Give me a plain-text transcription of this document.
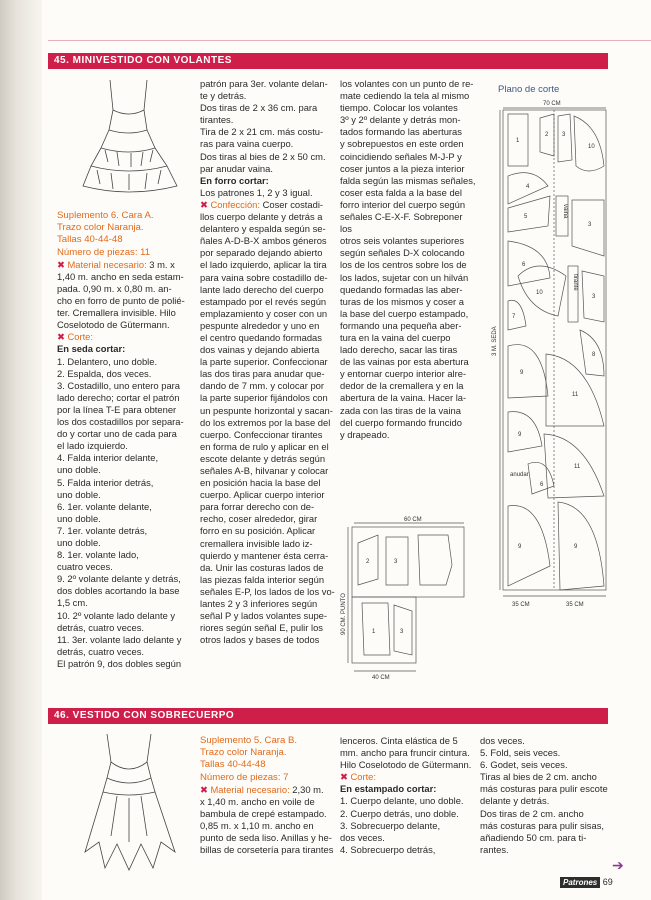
45. MINIVESTIDO CON VOLANTES

Suplemento 6. Cara A.

Trazo color Naranja.

Tallas 40-44-48

Número de piezas: 11

✖ Material necesario: 3 m. x

1,40 m. ancho en seda estam-

pada. 0,90 m. x 0,80 m. an-

cho en forro de punto de polié-

ter. Cremallera invisible. Hilo

Coselotodo de Gütermann.

✖ Corte:

En seda cortar:

1. Delantero, uno doble.

2. Espalda, dos veces.

3. Costadillo, uno entero para

lado derecho; cortar el patrón

por la línea T-E para obtener

los dos costadillos por separa-

do y cortar uno de cada para

el lado izquierdo.

4. Falda interior delante,

uno doble.

5. Falda interior detrás,

uno doble.

6. 1er. volante delante,

uno doble.

7. 1er. volante detrás,

uno doble.

8. 1er. volante lado,

cuatro veces.

9. 2º volante delante y detrás,

dos dobles acortando la base

1,5 cm.

10. 2º volante lado delante y

detrás, cuatro veces.

11. 3er. volante lado delante y

detrás, cuatro veces.

El patrón 9, dos dobles según

patrón para 3er. volante delan-

te y detrás.

Dos tiras de 2 x 36 cm. para

tirantes.

Tira de 2 x 21 cm. más costu-

ras para vaina cuerpo.

Dos tiras al bies de 2 x 50 cm.

par anudar vaina.

En forro cortar:

Los patrones 1, 2 y 3 igual.

✖ Confección: Coser costadi-

llos cuerpo delante y detrás a

delantero y espalda según se-

ñales A-D-B-X ambos géneros

por separado dejando abierto

el lado izquierdo, aplicar la tira

para vaina sobre costadillo de-

lante lado derecho del cuerpo

estampado por el revés según

emplazamiento y coser con un

pespunte alrededor y uno en

el centro quedando formadas

dos vainas y dejando abierta

la parte superior. Confeccionar

las dos tiras para anudar que-

dando de 7 mm. y colocar por

la parte superior fijándolos con

un pespunte horizontal y sacan-

do los extremos por la base del

cuerpo. Confeccionar tirantes

en forma de rulo y aplicar en el

escote delante y detrás según

señales A-B, hilvanar y colocar

en posición hacia la base del

cuerpo. Aplicar cuerpo interior

para forrar derecho con de-

recho, coser alrededor, girar

forro en su posición. Aplicar

cremallera invisible lado iz-

quierdo y mantener ésta cerra-

da. Unir las costuras lados de

las piezas falda interior según

señales E-P, los lados de los vo-

lantes 2 y 3 inferiores según

señal P y lados volantes supe-

riores según señal E, pulir los

otros lados y bases de todos

los volantes con un punto de re-

mate cediendo la tela al mismo

tiempo. Colocar los volantes

3º y 2º delante y detrás mon-

tados formando las aberturas

y sobrepuestos en este orden

coincidiendo señales M-J-P y

coser juntos a la pieza interior

falda según las mismas señales,

coser esta falda a la base del

forro interior del cuerpo según

señales C-E-X-F. Sobreponer los

otros seis volantes superiores

según señales D-X colocando

los de los centros sobre los de

los lados, sujetar con un hilván

quedando formadas las aber-

turas de los mismos y coser a

la base del cuerpo estampado,

formando una pequeña aber-

tura en la vaina del cuerpo

lado derecho, sacar las tiras

de las vainas por esta abertura

y entornar cuerpo interior alre-

dedor de la cremallera y en la

abertura de la vaina. Hacer la-

zada con las tiras de la vaina

del cuerpo formando fruncido

y drapeado.

Plano de corte
70 CM
3 M. SEDA
35 CM	35 CM
vaina
tirante
anudar
1
2 3
10
4
5
3
6
10
3
7
8
9
11
9
11
6
9	9
60 CM
90 CM. PUNTO
40 CM
2	3
1	3
46. VESTIDO CON SOBRECUERPO

Suplemento 5. Cara B.

Trazo color Naranja.

Tallas 40-44-48

Número de piezas: 7

✖ Material necesario: 2,30 m.

x 1,40 m. ancho en voile de

bambula de crepé estampado.

0,85 m. x 1,10 m. ancho en

punto de seda liso. Anillas y he-

billas de corsetería para tirantes

lenceros. Cinta elástica de 5

mm. ancho para fruncir cintura.

Hilo Coselotodo de Gütermann.

✖ Corte:

En estampado cortar:

1. Cuerpo delante, uno doble.

2. Cuerpo detrás, uno doble.

3. Sobrecuerpo delante,

dos veces.

4. Sobrecuerpo detrás,

dos veces.

5. Fold, seis veces.

6. Godet, seis veces.

Tiras al bies de 2 cm. ancho

más costuras para pulir escote

delante y detrás.

Dos tiras de 2 cm. ancho

más costuras para pulir sisas,

añadiendo 50 cm. para ti-

rantes.

➔
Patrones 69
